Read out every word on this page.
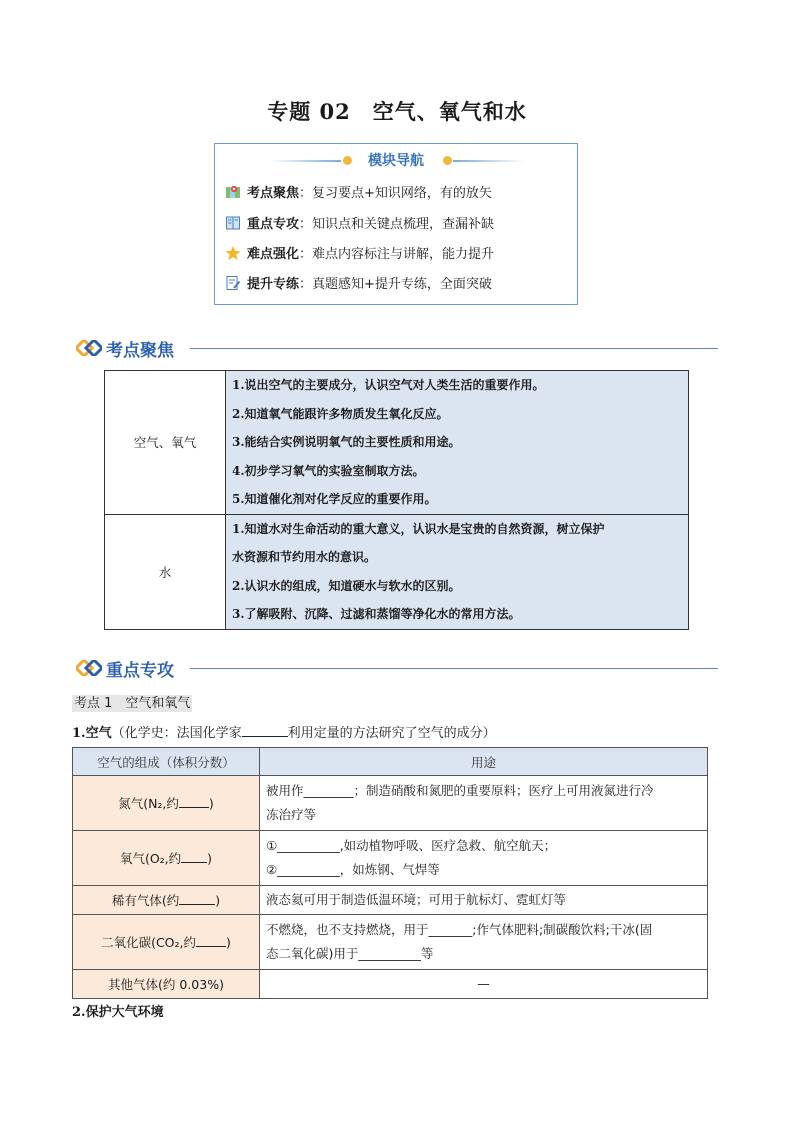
专题 02 空气、氧气和水
模块导航
考点聚焦：复习要点+知识网络，有的放矢
重点专攻：知识点和关键点梳理，查漏补缺
难点强化：难点内容标注与讲解，能力提升
提升专练：真题感知+提升专练，全面突破
考点聚焦
空气、氧气	1.说出空气的主要成分，认识空气对人类生活的重要作用。
2.知道氧气能跟许多物质发生氧化反应。
3.能结合实例说明氧气的主要性质和用途。
4.初步学习氧气的实验室制取方法。
5.知道催化剂对化学反应的重要作用。

水	1.知道水对生命活动的重大意义，认识水是宝贵的自然资源，树立保护
水资源和节约用水的意识。
2.认识水的组成，知道硬水与软水的区别。
3.了解吸附、沉降、过滤和蒸馏等净化水的常用方法。
重点专攻
考点 1　空气和氧气
1.空气（化学史：法国化学家	利用定量的方法研究了空气的成分）
空气的组成（体积分数）	用途
氮气(N₂,约 )	被用作________；制造硝酸和氮肥的重要原料；医疗上可用液氮进行冷
冻治疗等

氧气(O₂,约 )	①__________,如动植物呼吸、医疗急救、航空航天；
②__________，如炼钢、气焊等

稀有气体(约 )	液态氦可用于制造低温环境；可用于航标灯、霓虹灯等

二氧化碳(CO₂,约 )	不燃烧，也不支持燃烧，用于_______;作气体肥料;制碳酸饮料;干冰(固
态二氧化碳)用于__________等

其他气体(约 0.03%)	—
2.保护大气环境
